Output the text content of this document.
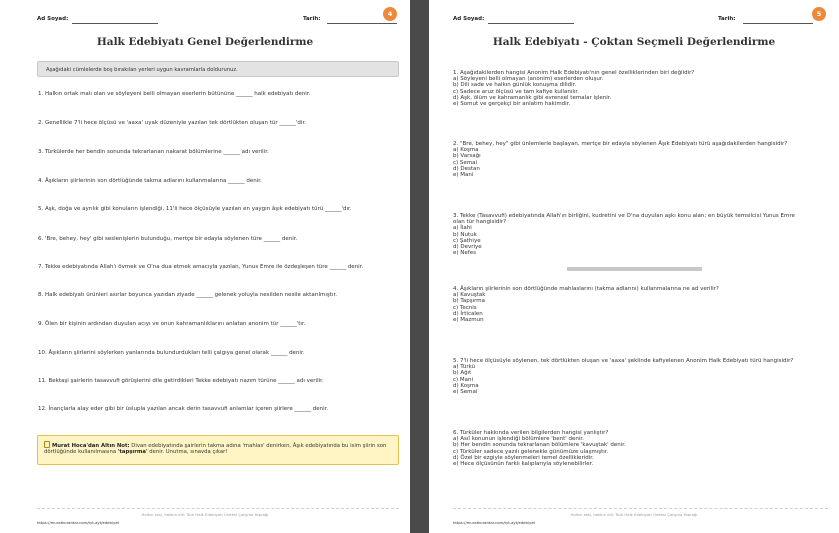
Ad Soyad:	Tarih:
4
Halk Edebiyatı Genel Değerlendirme
Aşağıdaki cümlelerde boş bırakılan yerleri uygun kavramlarla doldurunuz.
1. Halkın ortak malı olan ve söyleyeni belli olmayan eserlerin bütününe ______ halk edebiyatı denir.
2. Genellikle 7'li hece ölçüsü ve 'aaxa' uyak düzeniyle yazılan tek dörtlükten oluşan tür ______'dir.
3. Türkülerde her bendin sonunda tekrarlanan nakarat bölümlerine ______ adı verilir.
4. Âşıkların şiirlerinin son dörtlüğünde takma adlarını kullanmalarına ______ denir.
5. Aşk, doğa ve ayrılık gibi konuların işlendiği, 11'li hece ölçüsüyle yazılan en yaygın âşık edebiyatı türü ______'dır.
6. 'Bre, behey, hey' gibi seslenişlerin bulunduğu, mertçe bir edayla söylenen türe ______ denir.
7. Tekke edebiyatında Allah'ı övmek ve O'na dua etmek amacıyla yazılan, Yunus Emre ile özdeşleşen türe ______ denir.
8. Halk edebiyatı ürünleri asırlar boyunca yazıdan ziyade ______ gelenek yoluyla nesilden nesile aktarılmıştır.
9. Ölen bir kişinin ardından duyulan acıyı ve onun kahramanlıklarını anlatan anonim tür ______'tır.
10. Âşıkların şiirlerini söylerken yanlarında bulundurdukları telli çalgıya genel olarak ______ denir.
11. Bektaşi şairlerin tasavvufi görüşlerini dile getirdikleri Tekke edebiyatı nazım türüne ______ adı verilir.
12. İnançlarla alay eder gibi bir üslupla yazılan ancak derin tasavvufi anlamlar içeren şiirlere ______ denir.
Murat Hoca'dan Altın Not: Divan edebiyatında şairlerin takma adına 'mahlas' denirken, Âşık edebiyatında bu isim şiirin son dörtlüğünde kullanılmasına 'tapşırma' denir. Unutma, sınavda çıkar!
Halkın sesi, hakkın dili: Türk Halk Edebiyatı Ünitesi Çalışma Yaprağı
https://muratkurantar.com/tyt-ayt/edebiyat
Ad Soyad:	Tarih:
5
Halk Edebiyatı - Çoktan Seçmeli Değerlendirme
1. Aşağıdakilerden hangisi Anonim Halk Edebiyatı'nın genel özelliklerinden biri değildir?
a) Söyleyeni belli olmayan (anonim) eserlerden oluşur.
b) Dili sade ve halkın günlük konuşma dilidir.
c) Sadece aruz ölçüsü ve tam kafiye kullanılır.
d) Aşk, ölüm ve kahramanlık gibi evrensel temalar işlenir.
e) Somut ve gerçekçi bir anlatım hakimdir.
2. "Bre, behey, hey" gibi ünlemlerle başlayan, mertçe bir edayla söylenen Âşık Edebiyatı türü aşağıdakilerden hangisidir?
a) Koşma
b) Varsağı
c) Semai
d) Destan
e) Mani
3. Tekke (Tasavvufi) edebiyatında Allah'ın birliğini, kudretini ve O'na duyulan aşkı konu alan; en büyük temsilcisi Yunus Emre olan tür hangisidir?
a) İlahi
b) Nutuk
c) Şathiye
d) Devriye
e) Nefes
4. Âşıkların şiirlerinin son dörtlüğünde mahlaslarını (takma adlarını) kullanmalarına ne ad verilir?
a) Kavuştak
b) Tapşırma
c) Tecnis
d) İrticalen
e) Mazmun
5. 7'li hece ölçüsüyle söylenen, tek dörtlükten oluşan ve 'aaxa' şeklinde kafiyelenen Anonim Halk Edebiyatı türü hangisidir?
a) Türkü
b) Ağıt
c) Mani
d) Koşma
e) Semai
6. Türküler hakkında verilen bilgilerden hangisi yanlıştır?
a) Asıl konunun işlendiği bölümlere 'bent' denir.
b) Her bendin sonunda tekrarlanan bölümlere 'kavuştak' denir.
c) Türküler sadece yazılı gelenekle günümüze ulaşmıştır.
d) Özel bir ezgiyle söylenmeleri temel özellikleridir.
e) Hece ölçüsünün farklı kalıplarıyla söylenebilirler.
Halkın sesi, hakkın dili: Türk Halk Edebiyatı Ünitesi Çalışma Yaprağı
https://muratkurantar.com/tyt-ayt/edebiyat
